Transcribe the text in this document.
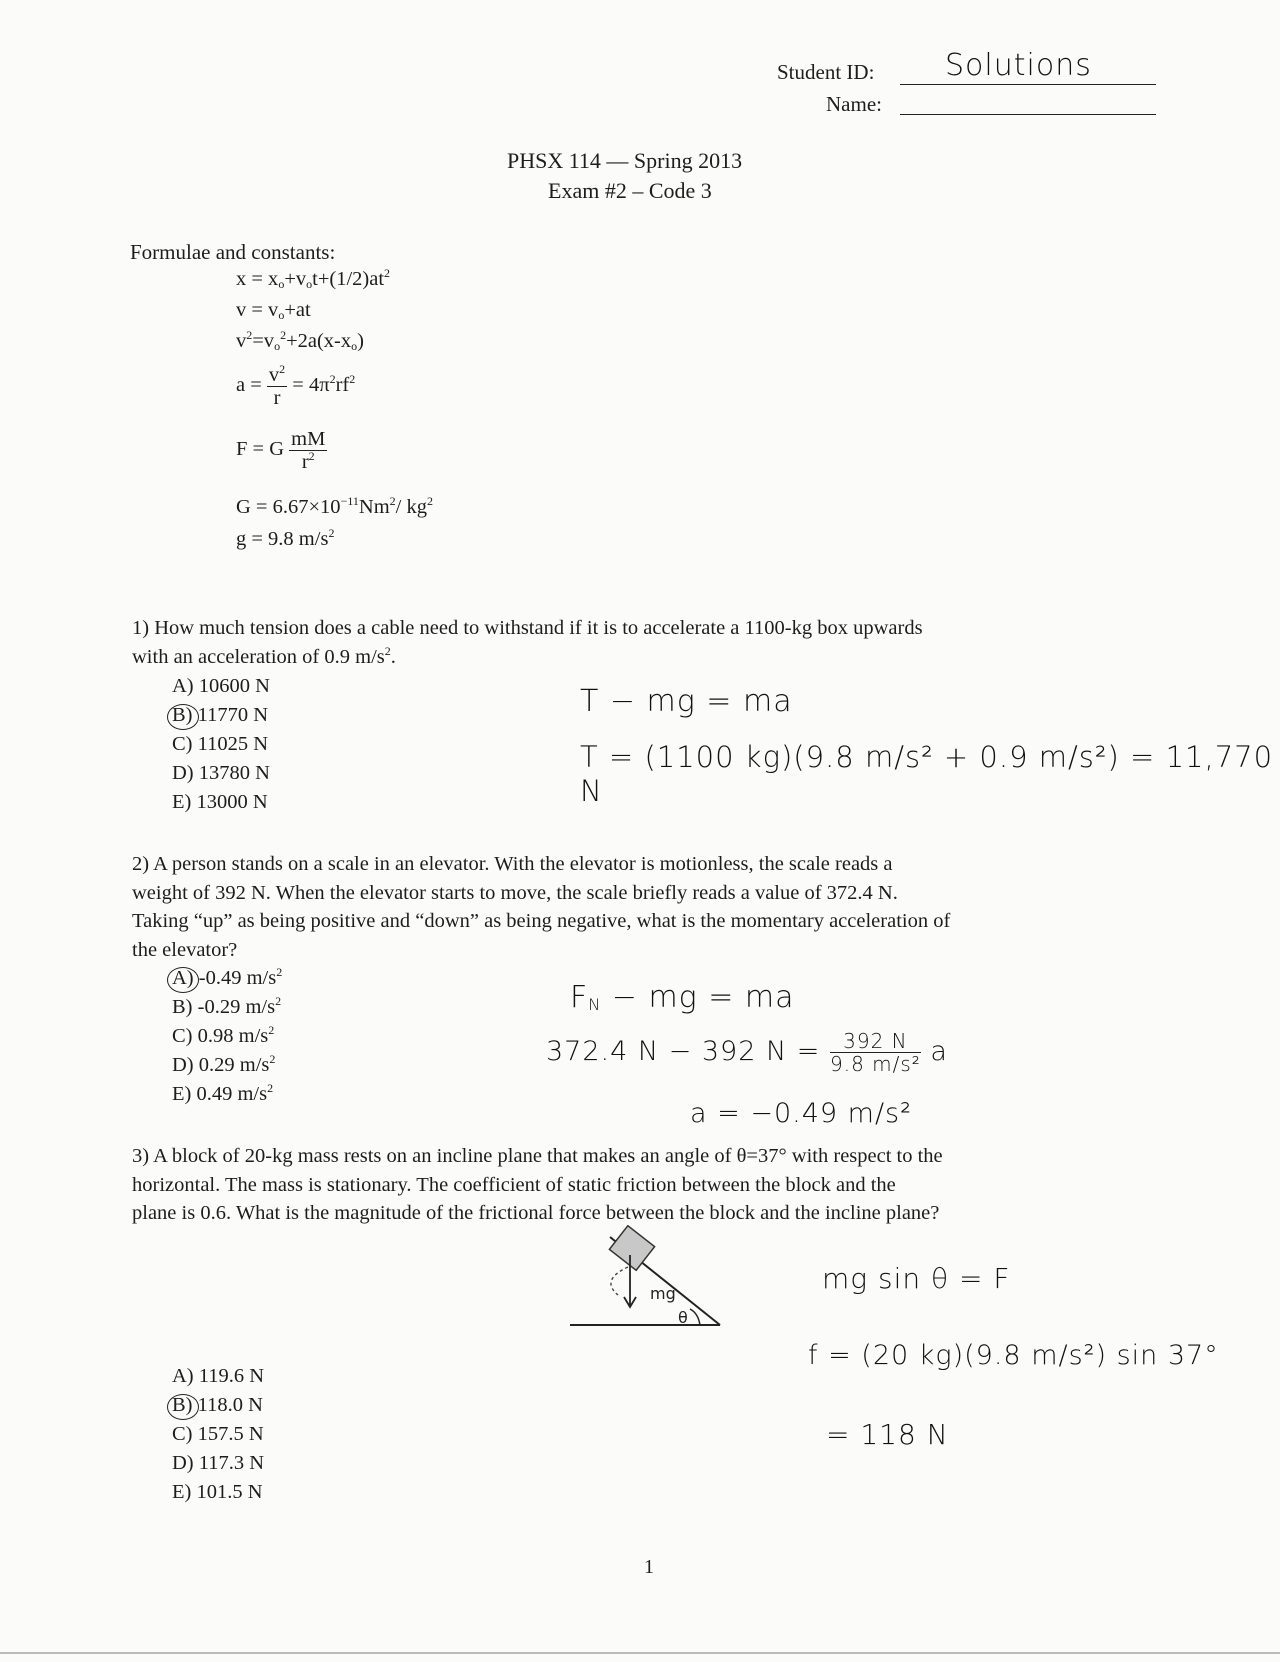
Student ID: Solutions
Name:
PHSX 114 — Spring 2013
Exam #2 – Code 3
Formulae and constants:
$x = x_o+v_ot+(1/2)at^2$
$v = v_o+at$
$v^2=v_o^2+2a(x-x_o)$
$a = \frac{v^2}{r} = 4\pi^2rf^2$
F = G $\frac{mM}{r^2}$
$G = 6.67\times 10^{-11}Nm^2/$ $kg^2$
g = 9.8 $m/s^2$
1) How much tension does a cable need to withstand if it is to accelerate a 1100-kg box upwards
with an acceleration of 0.9 $m/s^2$.
A) 10600 N
B) 11770 N
C) 11025 N
D) 13780 N
E) 13000 N
T − mg = ma
T = (1100 kg)(9.8 m/s² + 0.9 m/s²) = 11,770 N
2) A person stands on a scale in an elevator. With the elevator is motionless, the scale reads a
weight of 392 N. When the elevator starts to move, the scale briefly reads a value of 372.4 N.
Taking “up” as being positive and “down” as being negative, what is the momentary acceleration of
the elevator?
A) -0.49 $m/s^2$
B) -0.29 $m/s^2$
C) 0.98 $m/s^2$
D) 0.29 $m/s^2$
E) 0.49 $m/s^2$
$F_N$ − mg = ma
372.4 N − 392 $N = \frac{392 N}{\text{9.8 m/s²}}$ a
a = −0.49 m/s²
3) A block of 20-kg mass rests on an incline plane that makes an angle of θ=37° with respect to the
horizontal. The mass is stationary. The coefficient of static friction between the block and the
plane is 0.6. What is the magnitude of the frictional force between the block and the incline plane?
mg
θ
A) 119.6 N
B) 118.0 N
C) 157.5 N
D) 117.3 N
E) 101.5 N
mg sin θ = F
f = (20 kg)(9.8 m/s²) sin 37°
= 118 N
1
